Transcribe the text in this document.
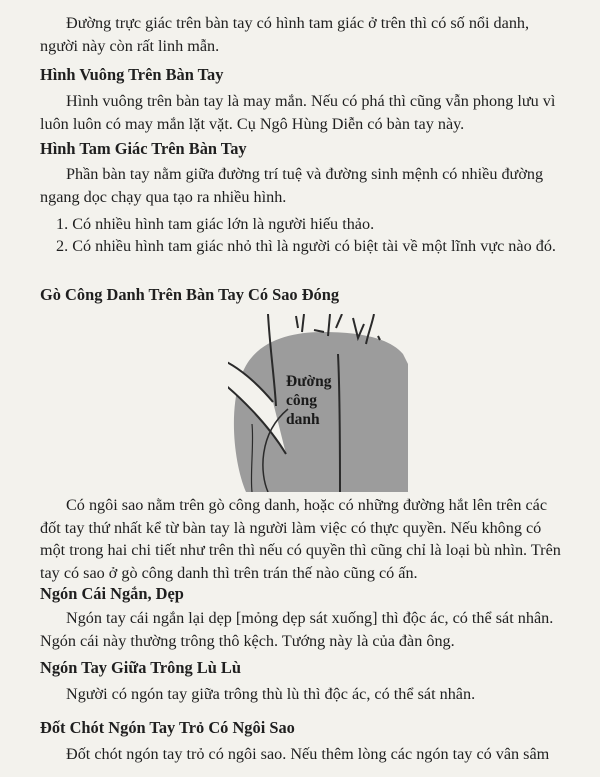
Đường trực giác trên bàn tay có hình tam giác ở trên thì có số nổi danh, người này còn rất linh mẫn.

Hình Vuông Trên Bàn Tay

Hình vuông trên bàn tay là may mắn. Nếu có phá thì cũng vẫn phong lưu vì luôn luôn có may mắn lặt vặt. Cụ Ngô Hùng Diễn có bàn tay này.

Hình Tam Giác Trên Bàn Tay

Phần bàn tay nằm giữa đường trí tuệ và đường sinh mệnh có nhiều đường ngang dọc chạy qua tạo ra nhiều hình.

1. Có nhiều hình tam giác lớn là người hiếu thảo.

2. Có nhiều hình tam giác nhỏ thì là người có biệt tài về một lĩnh vực nào đó.

Gò Công Danh Trên Bàn Tay Có Sao Đóng
Đường
công
danh

Có ngôi sao nằm trên gò công danh, hoặc có những đường hắt lên trên các đốt tay thứ nhất kể từ bàn tay là người làm việc có thực quyền. Nếu không có một trong hai chi tiết như trên thì nếu có quyền thì cũng chỉ là loại bù nhìn. Trên tay có sao ở gò công danh thì trên trán thế nào cũng có ấn.

Ngón Cái Ngắn, Dẹp

Ngón tay cái ngắn lại dẹp [mỏng dẹp sát xuống] thì độc ác, có thể sát nhân. Ngón cái này thường trông thô kệch. Tướng này là của đàn ông.

Ngón Tay Giữa Trông Lù Lù

Người có ngón tay giữa trông thù lù thì độc ác, có thể sát nhân.

Đốt Chót Ngón Tay Trỏ Có Ngôi Sao

Đốt chót ngón tay trỏ có ngôi sao. Nếu thêm lòng các ngón tay có vân sâm
